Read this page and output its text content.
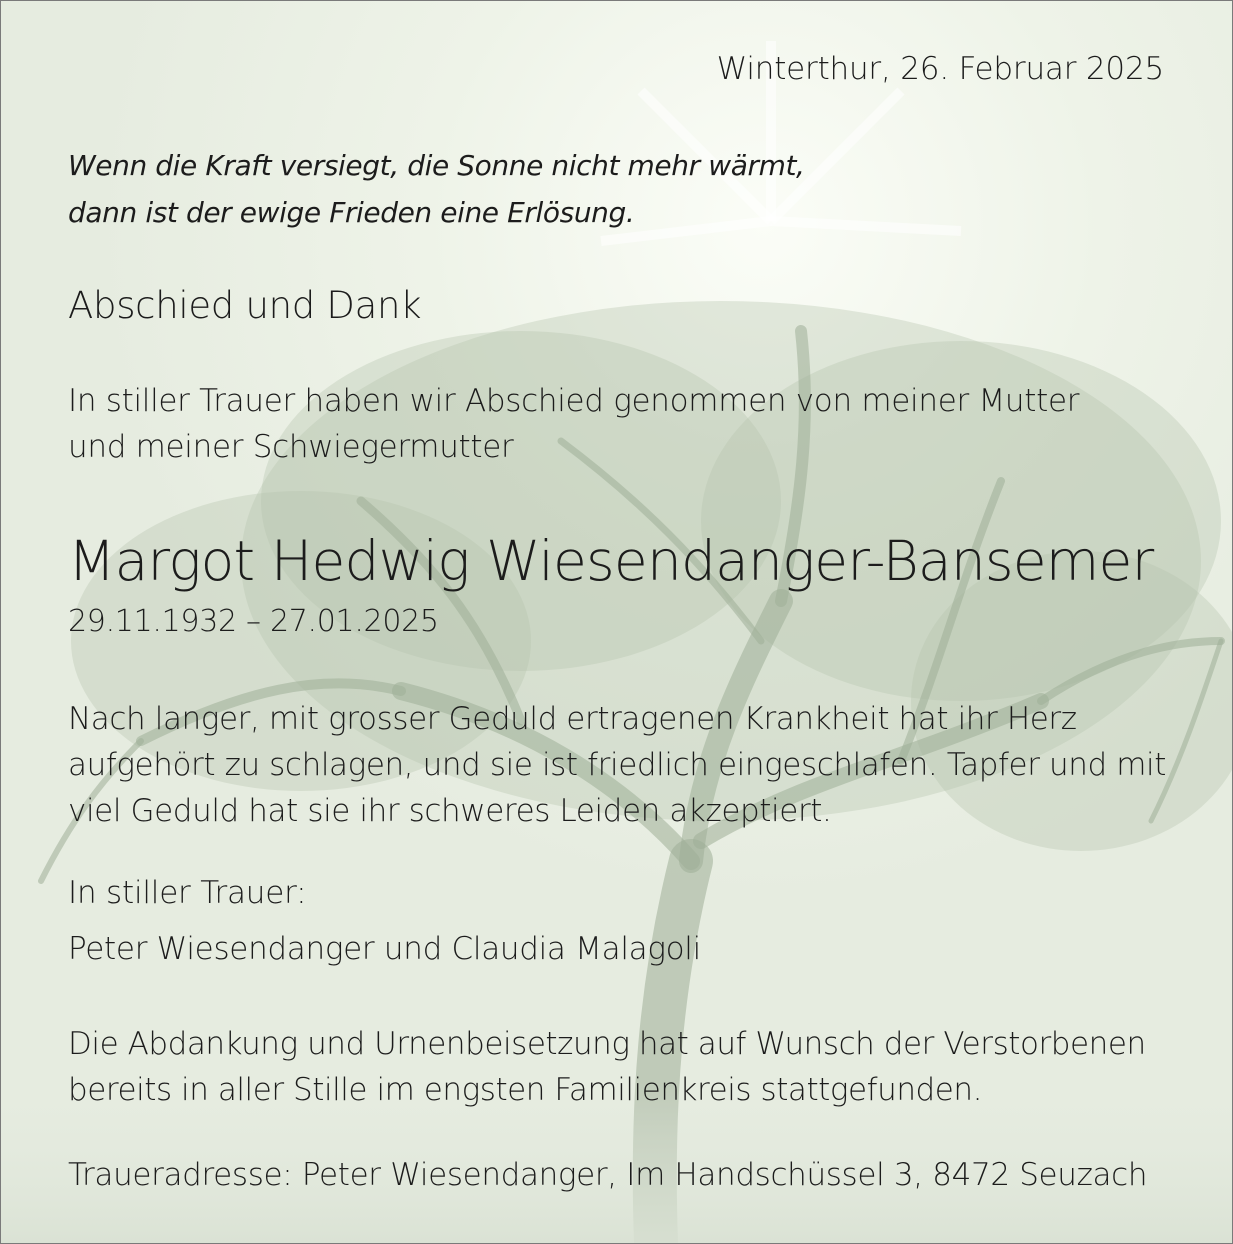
Winterthur, 26. Februar 2025
Wenn die Kraft versiegt, die Sonne nicht mehr wärmt,
dann ist der ewige Frieden eine Erlösung.
Abschied und Dank
In stiller Trauer haben wir Abschied genommen von meiner Mutter
und meiner Schwiegermutter
Margot Hedwig Wiesendanger-Bansemer
29.11.1932 – 27.01.2025
Nach langer, mit grosser Geduld ertragenen Krankheit hat ihr Herz
aufgehört zu schlagen, und sie ist friedlich eingeschlafen. Tapfer und mit
viel Geduld hat sie ihr schweres Leiden akzeptiert.
In stiller Trauer:
Peter Wiesendanger und Claudia Malagoli
Die Abdankung und Urnenbeisetzung hat auf Wunsch der Verstorbenen
bereits in aller Stille im engsten Familienkreis stattgefunden.
Traueradresse: Peter Wiesendanger, Im Handschüssel 3, 8472 Seuzach
